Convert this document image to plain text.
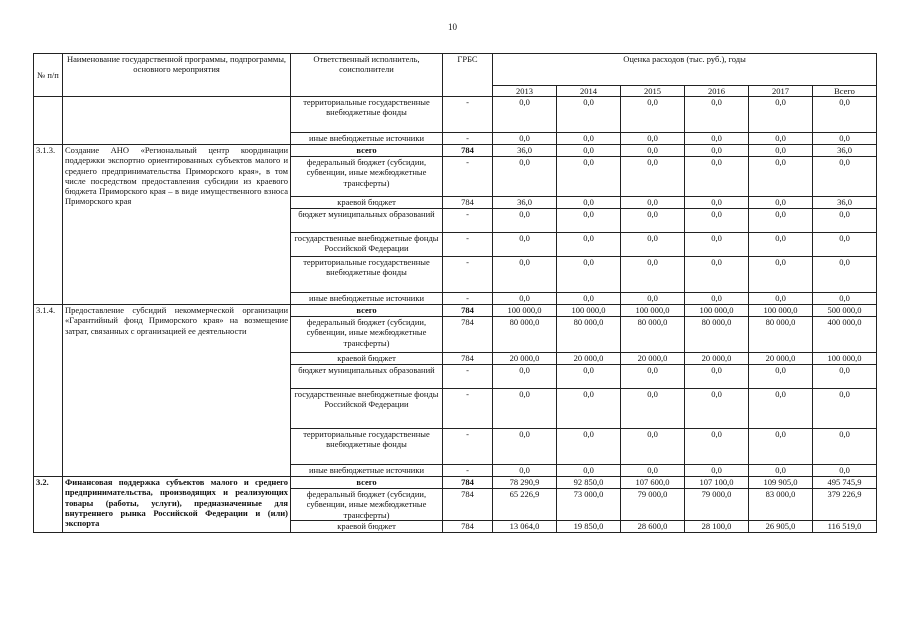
10
№ п/п	Наименование государственной программы, подпрограммы, основного мероприятия	Ответственный исполнитель, соисполнители	ГРБС	Оценка расходов (тыс. руб.), годы					
				2013	2014	2015	2016	2017	Всего
		территориальные государственные внебюджетные фонды	-	0,0	0,0	0,0	0,0	0,0	0,0
		иные внебюджетные источники	-	0,0	0,0	0,0	0,0	0,0	0,0
3.1.3.	Создание АНО «Региональный центр координации поддержки экспортно ориентированных субъектов малого и среднего предпринимательства Приморского края», в том числе посредством предоставления субсидии из краевого бюджета Приморского края – в виде имущественного взноса Приморского края	всего	784	36,0	0,0	0,0	0,0	0,0	36,0
		федеральный бюджет (субсидии, субвенции, иные межбюджетные трансферты)	-	0,0	0,0	0,0	0,0	0,0	0,0
		краевой бюджет	784	36,0	0,0	0,0	0,0	0,0	36,0
		бюджет муниципальных образований	-	0,0	0,0	0,0	0,0	0,0	0,0
		государственные внебюджетные фонды Российской Федерации	-	0,0	0,0	0,0	0,0	0,0	0,0
		территориальные государственные внебюджетные фонды	-	0,0	0,0	0,0	0,0	0,0	0,0
		иные внебюджетные источники	-	0,0	0,0	0,0	0,0	0,0	0,0
3.1.4.	Предоставление субсидий некоммерческой организации «Гарантийный фонд Приморского края» на возмещение затрат, связанных с организацией ее деятельности	всего	784	100 000,0	100 000,0	100 000,0	100 000,0	100 000,0	500 000,0
		федеральный бюджет (субсидии, субвенции, иные межбюджетные трансферты)	784	80 000,0	80 000,0	80 000,0	80 000,0	80 000,0	400 000,0
		краевой бюджет	784	20 000,0	20 000,0	20 000,0	20 000,0	20 000,0	100 000,0
		бюджет муниципальных образований	-	0,0	0,0	0,0	0,0	0,0	0,0
		государственные внебюджетные фонды Российской Федерации	-	0,0	0,0	0,0	0,0	0,0	0,0
		территориальные государственные внебюджетные фонды	-	0,0	0,0	0,0	0,0	0,0	0,0
		иные внебюджетные источники	-	0,0	0,0	0,0	0,0	0,0	0,0
3.2.	Финансовая поддержка субъектов малого и среднего предпринимательства, производящих и реализующих товары (работы, услуги), предназначенные для внутреннего рынка Российской Федерации и (или) экспорта	всего	784	78 290,9	92 850,0	107 600,0	107 100,0	109 905,0	495 745,9
		федеральный бюджет (субсидии, субвенции, иные межбюджетные трансферты)	784	65 226,9	73 000,0	79 000,0	79 000,0	83 000,0	379 226,9
		краевой бюджет	784	13 064,0	19 850,0	28 600,0	28 100,0	26 905,0	116 519,0
